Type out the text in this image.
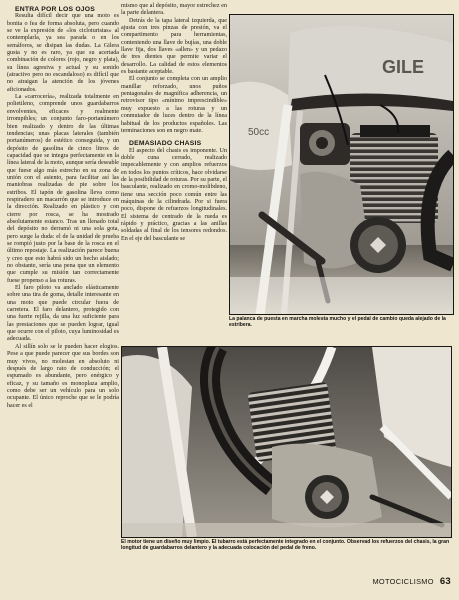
ENTRA POR LOS OJOS

Resulta difícil decir que una moto es bonita o fea de forma absoluta, pero cuando se ve la expresión de «los cicloturistas» al contemplarla, ya sea parada o en los semáforos, se disipan las dudas. La Gilera gusta y no es raro, ya que su acertada combinación de colores (rojo, negro y plata), su línea agresiva y actual y su sonido (atractivo pero no escandaloso) es difícil que no atraigan la atención de los jóvenes aficionados.

La «carrocería», realizada totalmente en polietileno, comprende unos guardabarros envolventes, eficaces y realmente irrompibles; un conjunto faro-portanúmero bien realizado y dentro de las últimas tendencias; unas placas laterales (también portanúmeros) de estético conseguida, y un depósito de gasolina de cinco litros de capacidad que se integra perfectamente en la línea lateral de la moto, aunque sería deseable que fuese algo más estrecho en su zona de unión con el asiento, para facilitar así las maniobras realizadas de pie sobre los estribos. El tapón de gasolina lleva como respiradero un macarrón que se introduce en la dirección. Realizado en plástico y con cierre por rosca, se ha mostrado absolutamente estanco. Tras un llenado total del depósito no derramó ni una sola gota, pero surge la duda: el de la unidad de prueba se rompió justo por la base de la rosca en el último repostaje. La realización parece buena y creo que esto habrá sido un hecho aislado; no obstante, sería una pena que un elemento que cumple su misión tan correctamente fuese propenso a las roturas.

El faro piloto va anclado elásticamente sobre una tira de goma, detalle interesante en una moto que puede circular fuera de carretera. El faro delantero, protegido con una fuerte rejilla, da una luz suficiente para las prestaciones que se pueden lograr, igual que ocurre con el piloto, cuya luminosidad es adecuada.

Al sillín solo se le pueden hacer elogios. Pese a que puede parecer que sus bordes son muy vivos, no molestan en absoluto ni después de largo rato de conducción; el espumado es abundante, pero enérgico y eficaz, y su tamaño es monoplaza amplio, como debe ser un vehículo para un solo ocupante. El único reproche que se le podría hacer es el

mismo que al depósito, mayor estrechez en la parte delantera.

Detrás de la tapa lateral izquierda, que ajusta con tres pinzas de presión, va el compartimento para herramientas, conteniendo una llave de bujías, una doble llave fija, dos llaves «allen» y un pedazo de tres dientes que permite variar el desarrollo. La calidad de estos elementos es bastante aceptable.

El conjunto se completa con un amplio manillar reforzado, unos puños pentagonales de magnífica adherencia, un retrovisor tipo «mínimo imprescindible» muy expuesto a las roturas y un conmutador de luces dentro de la línea habitual de los productos españoles. Las terminaciones son en negro mate.

DEMASIADO CHASIS

El aspecto del chasis es imponente. Un doble cuna cerrado, realizado impecablemente y con amplios refuerzos en todos los puntos críticos, hace olvidarse de la posibilidad de roturas. Por su parte, el basculante, realizado en cromo-molibdeno, tiene una sección poco común entre las máquinas de la cilindrada. Por si fuera poco, dispone de refuerzos longitudinales. El sistema de centrado de la rueda es rápido y práctico, gracias a las anillas soldadas al final de los tensores redondos. En el eje del basculante se

GILE
50cc
La palanca de puesta en marcha molesta mucho y el pedal de cambio queda alejado de la estribera.
El motor tiene un diseño muy limpio. El tubarro está perfectamente integrado en el conjunto. Observad los refuerzos del chasis, la gran longitud de guardabarros delantero y la adecuada colocación del pedal de freno.
MOTOCICLISMO 63
